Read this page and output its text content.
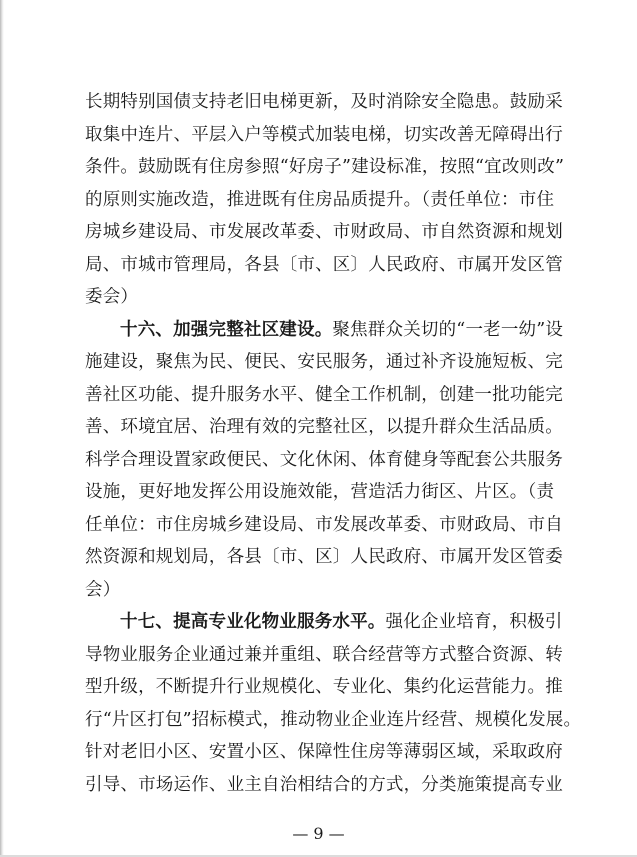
长期特别国债支持老旧电梯更新，及时消除安全隐患。鼓励采
取集中连片、平层入户等模式加装电梯，切实改善无障碍出行
条件。鼓励既有住房参照“好房子”建设标准，按照“宜改则改”
的原则实施改造，推进既有住房品质提升。（责任单位：市住
房城乡建设局、市发展改革委、市财政局、市自然资源和规划
局、市城市管理局，各县〔市、区〕人民政府、市属开发区管
委会）
十六、加强完整社区建设。聚焦群众关切的“一老一幼”设
施建设，聚焦为民、便民、安民服务，通过补齐设施短板、完
善社区功能、提升服务水平、健全工作机制，创建一批功能完
善、环境宜居、治理有效的完整社区，以提升群众生活品质。
科学合理设置家政便民、文化休闲、体育健身等配套公共服务
设施，更好地发挥公用设施效能，营造活力街区、片区。（责
任单位：市住房城乡建设局、市发展改革委、市财政局、市自
然资源和规划局，各县〔市、区〕人民政府、市属开发区管委
会）
十七、提高专业化物业服务水平。强化企业培育，积极引
导物业服务企业通过兼并重组、联合经营等方式整合资源、转
型升级，不断提升行业规模化、专业化、集约化运营能力。推
行“片区打包”招标模式，推动物业企业连片经营、规模化发展。
针对老旧小区、安置小区、保障性住房等薄弱区域，采取政府
引导、市场运作、业主自治相结合的方式，分类施策提高专业
— 9 —
